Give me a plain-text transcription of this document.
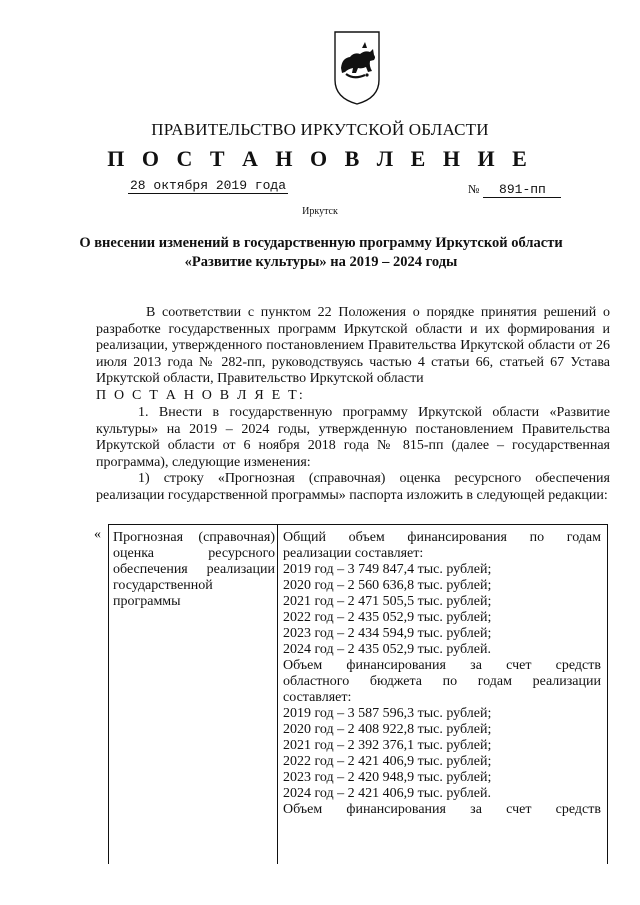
ПРАВИТЕЛЬСТВО ИРКУТСКОЙ ОБЛАСТИ
П О С Т А Н О В Л Е Н И Е
28 октября 2019 года	№ 891-пп
Иркутск
О внесении изменений в государственную программу Иркутской области
«Развитие культуры» на 2019 – 2024 годы
В соответствии с пунктом 22 Положения о порядке принятия решений о разработке государственных программ Иркутской области и их формирования и реализации, утвержденного постановлением Правительства Иркутской области от 26 июля 2013 года № 282-пп, руководствуясь частью 4 статьи 66, статьей 67 Устава Иркутской области, Правительство Иркутской области
П О С Т А Н О В Л Я Е Т:
1. Внести в государственную программу Иркутской области «Развитие культуры» на 2019 – 2024 годы, утвержденную постановлением Правительства Иркутской области от 6 ноября 2018 года № 815-пп (далее – государственная программа), следующие изменения:
1) строку «Прогнозная (справочная) оценка ресурсного обеспечения реализации государственной программы» паспорта изложить в следующей редакции:
« Прогнозная (справочная)
оценка ресурсного
обеспечения реализации
государственной
программы
Общий объем финансирования по годам
реализации составляет:
2019 год – 3 749 847,4 тыс. рублей;
2020 год – 2 560 636,8 тыс. рублей;
2021 год – 2 471 505,5 тыс. рублей;
2022 год – 2 435 052,9 тыс. рублей;
2023 год – 2 434 594,9 тыс. рублей;
2024 год – 2 435 052,9 тыс. рублей.
Объем финансирования за счет средств
областного бюджета по годам реализации
составляет:
2019 год – 3 587 596,3 тыс. рублей;
2020 год – 2 408 922,8 тыс. рублей;
2021 год – 2 392 376,1 тыс. рублей;
2022 год – 2 421 406,9 тыс. рублей;
2023 год – 2 420 948,9 тыс. рублей;
2024 год – 2 421 406,9 тыс. рублей.
Объем финансирования за счет средств
